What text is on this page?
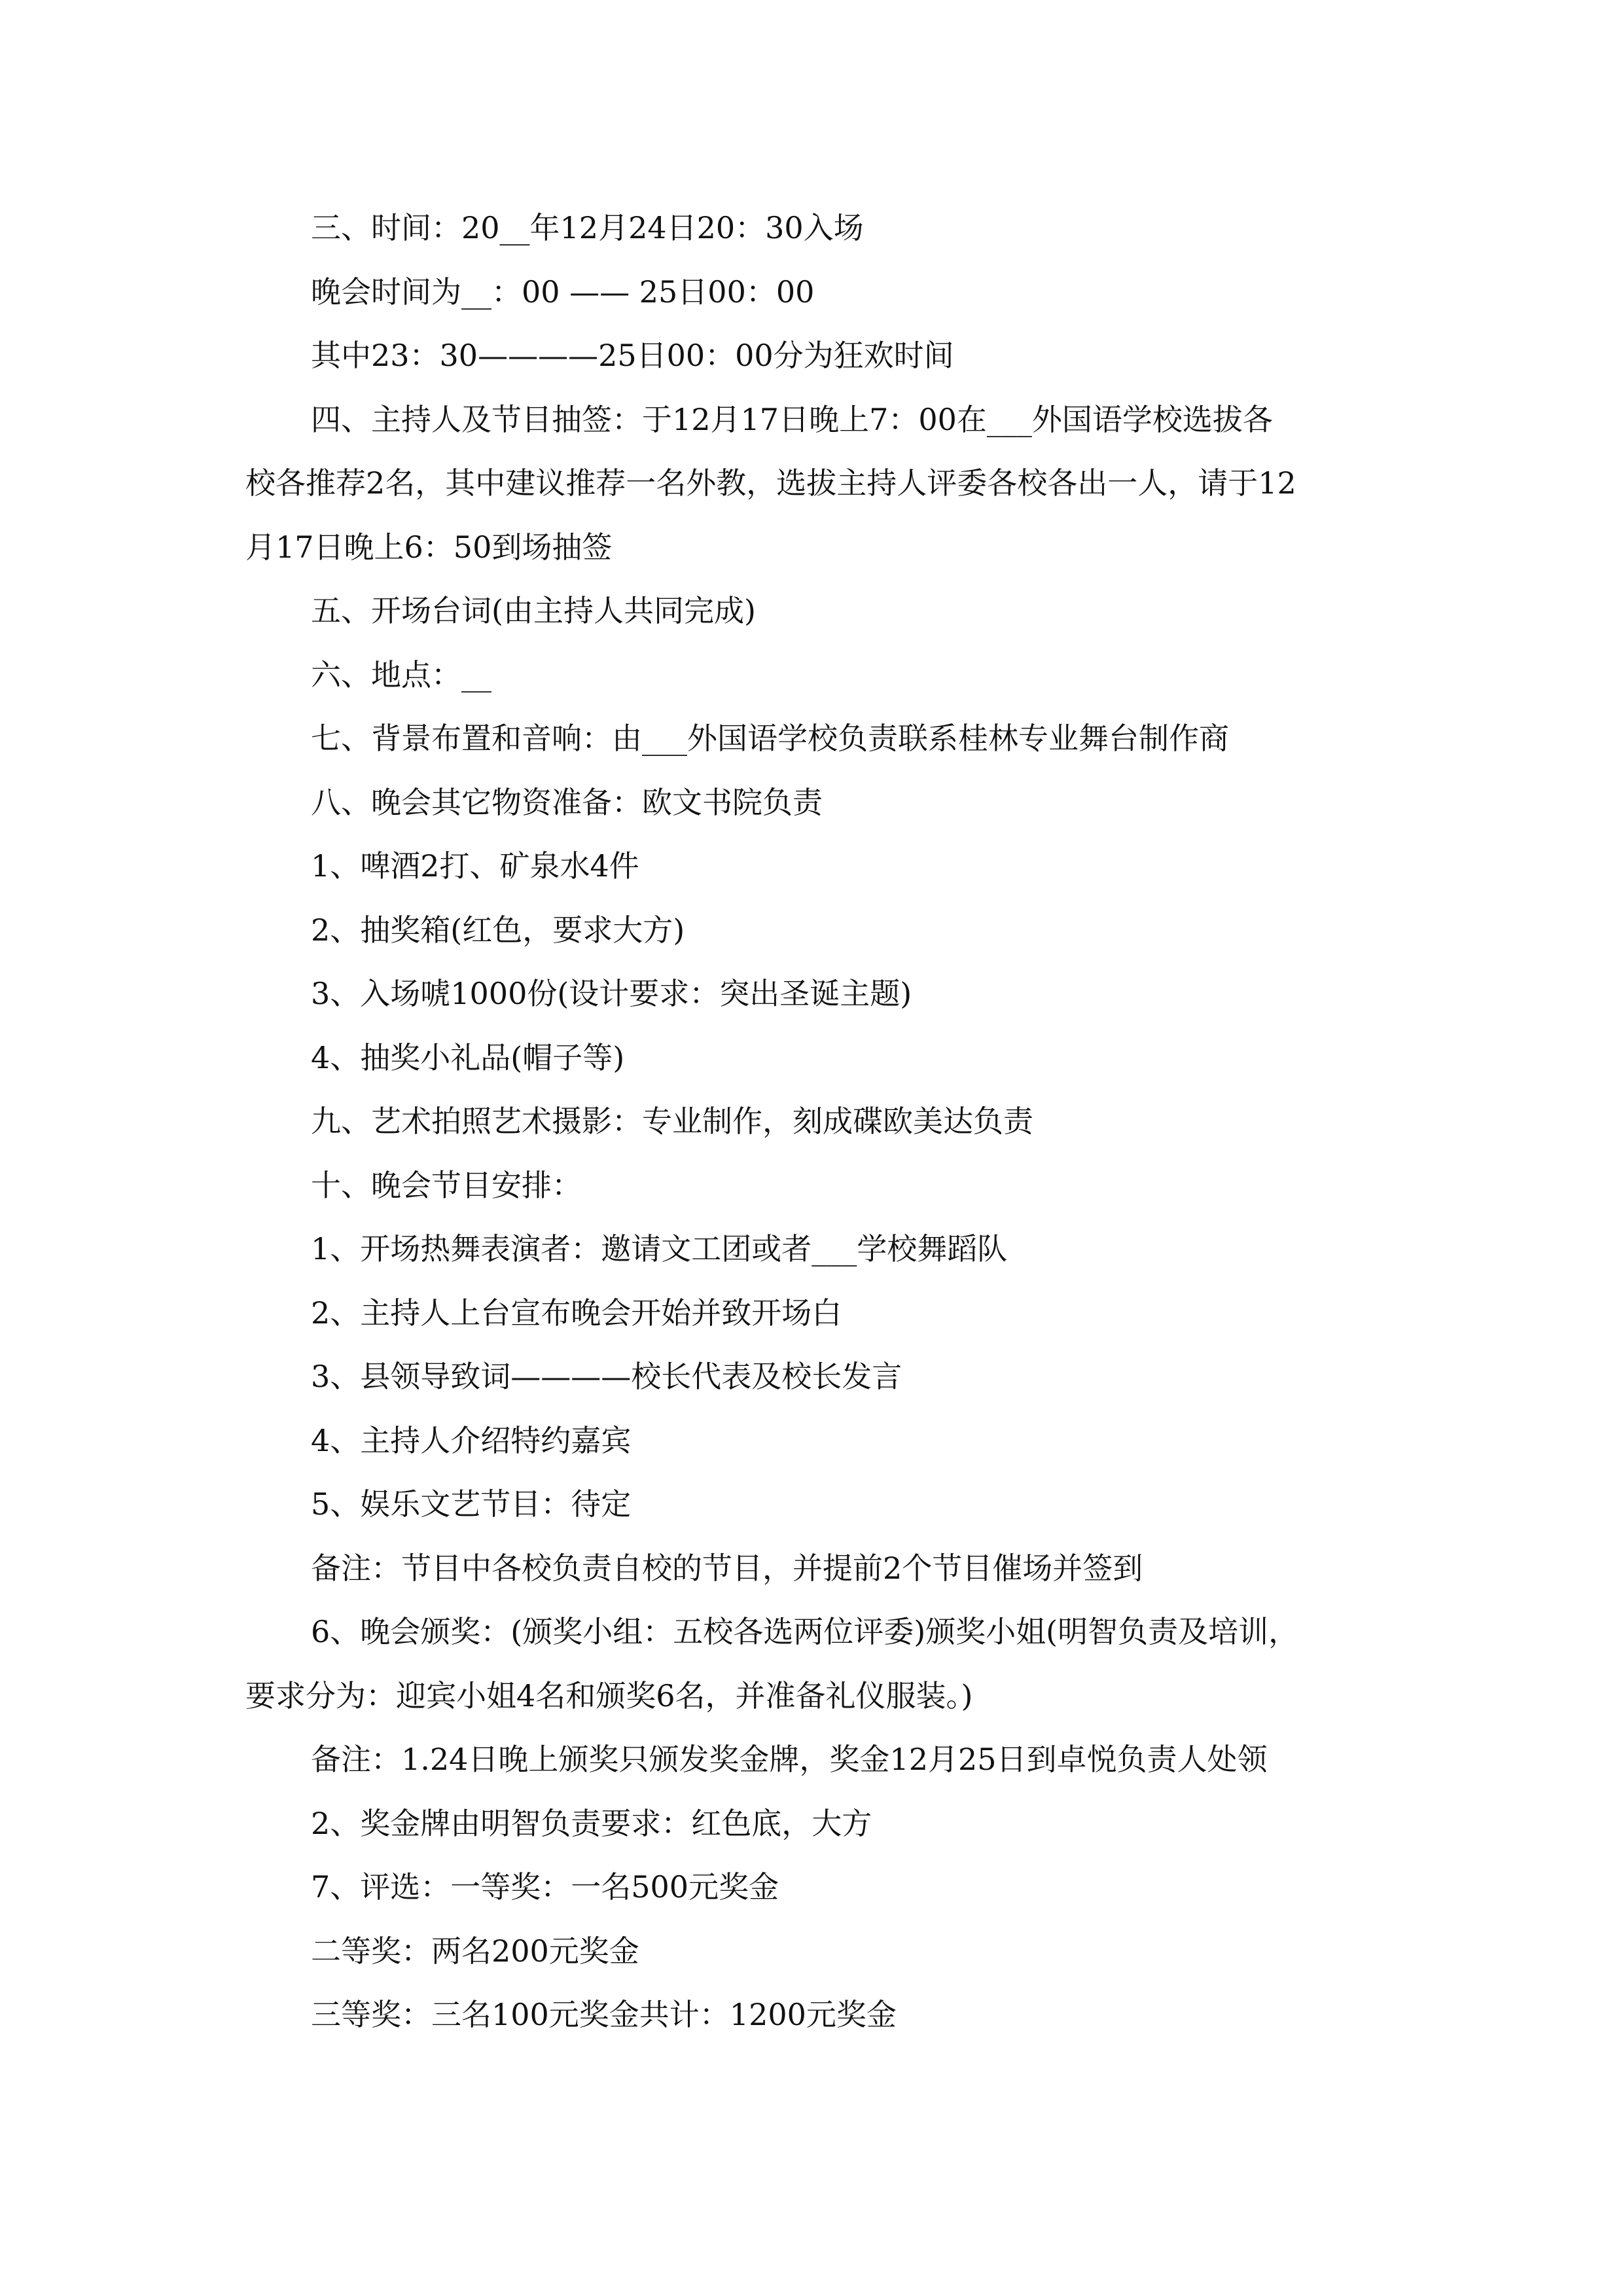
三、时间：20__年12月24日20：30入场
晚会时间为__：00 —— 25日00：00
其中23：30————25日00：00分为狂欢时间
四、主持人及节目抽签：于12月17日晚上7：00在___外国语学校选拔各
校各推荐2名，其中建议推荐一名外教，选拔主持人评委各校各出一人，请于12
月17日晚上6：50到场抽签
五、开场台词(由主持人共同完成)
六、地点：__
七、背景布置和音响：由___外国语学校负责联系桂林专业舞台制作商
八、晚会其它物资准备：欧文书院负责
1、啤酒2打、矿泉水4件
2、抽奖箱(红色，要求大方)
3、入场唬1000份(设计要求：突出圣诞主题)
4、抽奖小礼品(帽子等)
九、艺术拍照艺术摄影：专业制作，刻成碟欧美达负责
十、晚会节目安排：
1、开场热舞表演者：邀请文工团或者___学校舞蹈队
2、主持人上台宣布晚会开始并致开场白
3、县领导致词————校长代表及校长发言
4、主持人介绍特约嘉宾
5、娱乐文艺节目：待定
备注：节目中各校负责自校的节目，并提前2个节目催场并签到
6、晚会颁奖：(颁奖小组：五校各选两位评委)颁奖小姐(明智负责及培训，
要求分为：迎宾小姐4名和颁奖6名，并准备礼仪服装。)
备注：1.24日晚上颁奖只颁发奖金牌，奖金12月25日到卓悦负责人处领
2、奖金牌由明智负责要求：红色底，大方
7、评选：一等奖：一名500元奖金
二等奖：两名200元奖金
三等奖：三名100元奖金共计：1200元奖金
